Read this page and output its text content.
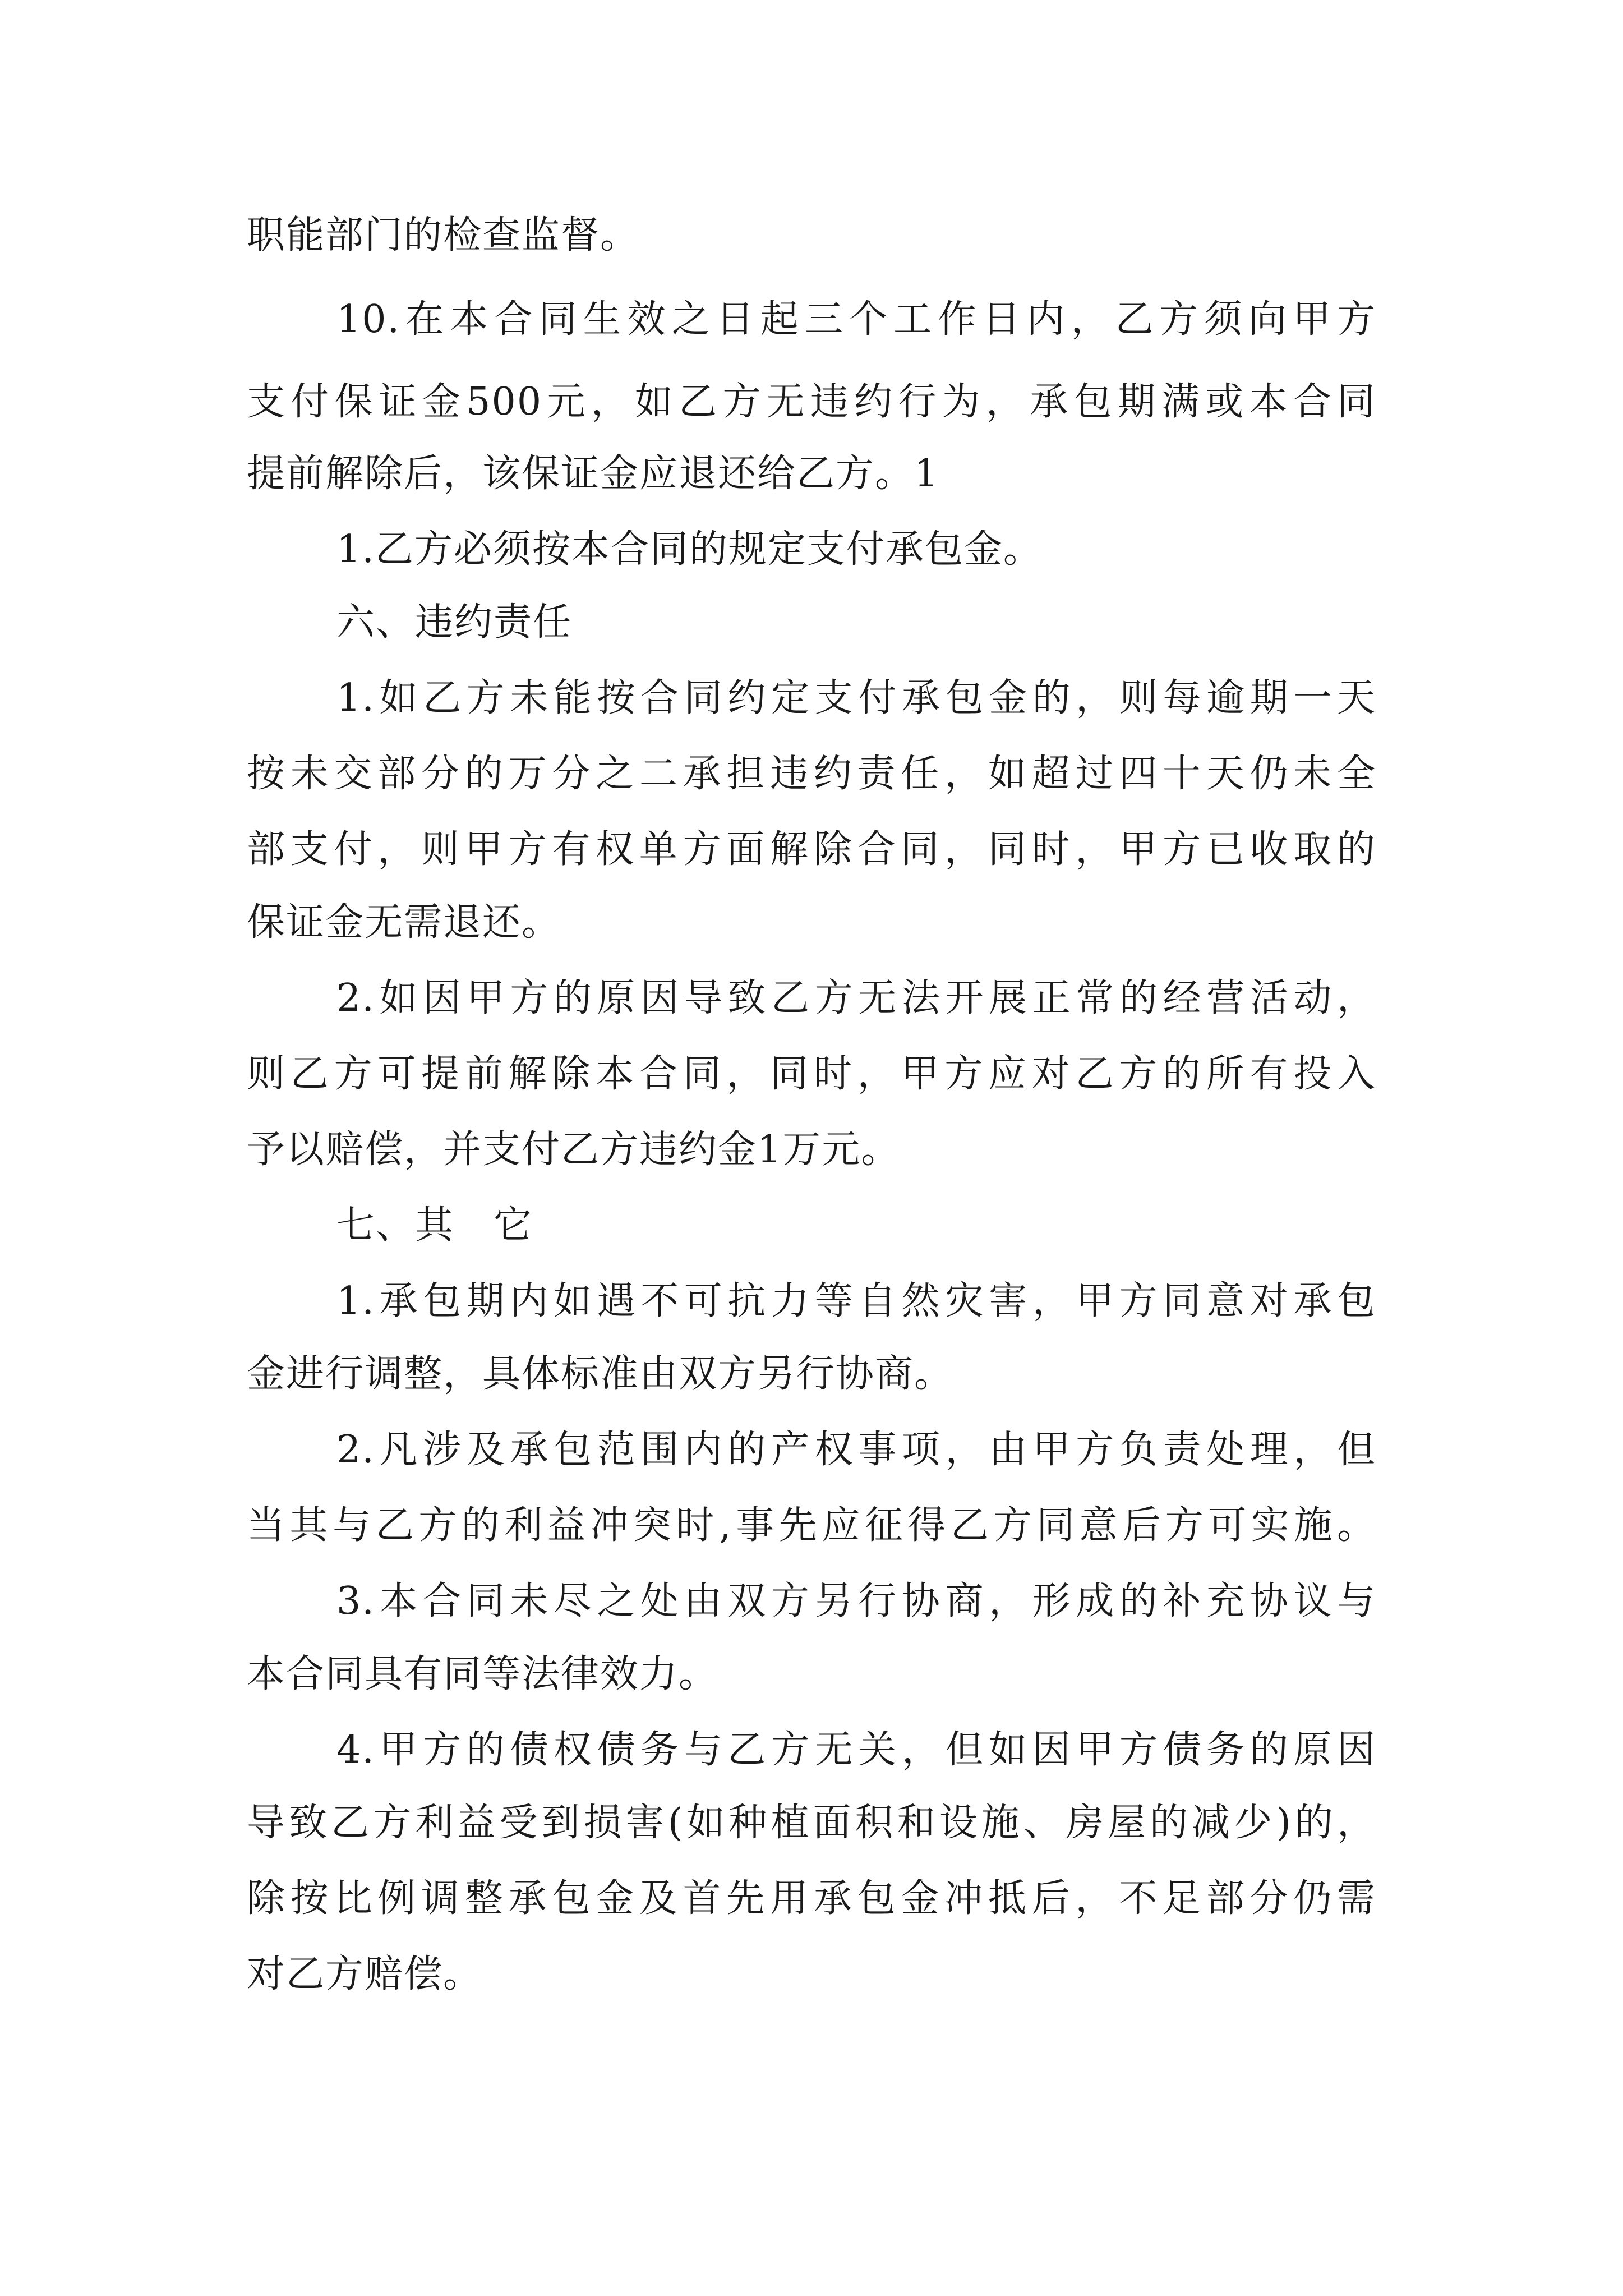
职能部门的检查监督。
10.在本合同生效之日起三个工作日内，乙方须向甲方
支付保证金500元，如乙方无违约行为，承包期满或本合同
提前解除后，该保证金应退还给乙方。1
1.乙方必须按本合同的规定支付承包金。
六、违约责任
1.如乙方未能按合同约定支付承包金的，则每逾期一天
按未交部分的万分之二承担违约责任，如超过四十天仍未全
部支付，则甲方有权单方面解除合同，同时，甲方已收取的
保证金无需退还。
2.如因甲方的原因导致乙方无法开展正常的经营活动，
则乙方可提前解除本合同，同时，甲方应对乙方的所有投入
予以赔偿，并支付乙方违约金1万元。
七、其　它
1.承包期内如遇不可抗力等自然灾害，甲方同意对承包
金进行调整，具体标准由双方另行协商。
2.凡涉及承包范围内的产权事项，由甲方负责处理，但
当其与乙方的利益冲突时,事先应征得乙方同意后方可实施。
3.本合同未尽之处由双方另行协商，形成的补充协议与
本合同具有同等法律效力。
4.甲方的债权债务与乙方无关，但如因甲方债务的原因
导致乙方利益受到损害(如种植面积和设施、房屋的减少)的，
除按比例调整承包金及首先用承包金冲抵后，不足部分仍需
对乙方赔偿。
